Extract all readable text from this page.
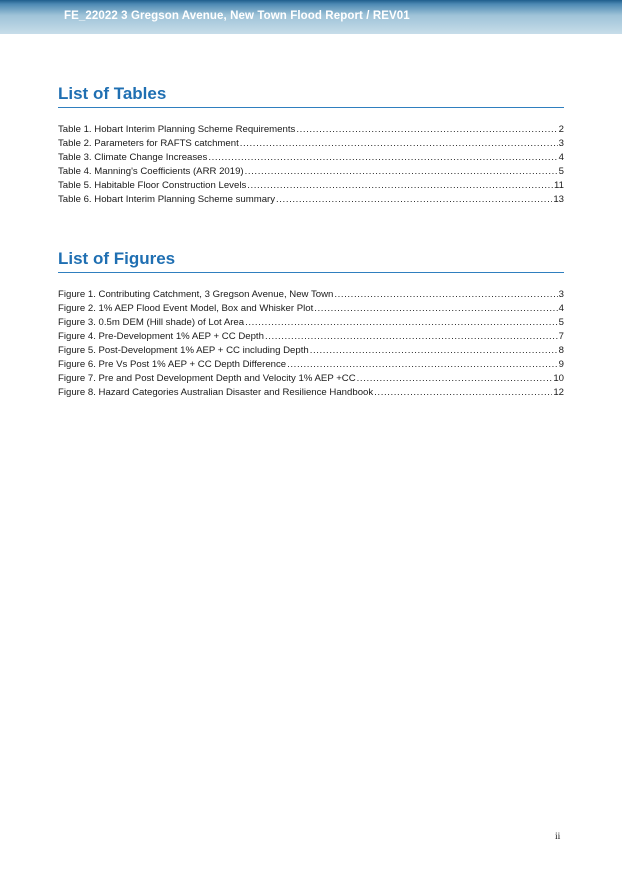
FE_22022 3 Gregson Avenue, New Town Flood Report / REV01
List of Tables
Table 1. Hobart Interim Planning Scheme Requirements .....	2
Table 2. Parameters for RAFTS catchment .....	3
Table 3. Climate Change Increases .....	4
Table 4. Manning's Coefficients (ARR 2019) .....	5
Table 5. Habitable Floor Construction Levels .....	11
Table 6. Hobart Interim Planning Scheme summary .....	13
List of Figures
Figure 1. Contributing Catchment, 3 Gregson Avenue, New Town .....	3
Figure 2. 1% AEP Flood Event Model, Box and Whisker Plot .....	4
Figure 3. 0.5m DEM (Hill shade) of Lot Area .....	5
Figure 4. Pre-Development 1% AEP + CC Depth .....	7
Figure 5. Post-Development 1% AEP + CC including Depth .....	8
Figure 6. Pre Vs Post 1% AEP + CC Depth Difference .....	9
Figure 7. Pre and Post Development Depth and Velocity 1% AEP +CC .....	10
Figure 8. Hazard Categories Australian Disaster and Resilience Handbook .....	12
ii
